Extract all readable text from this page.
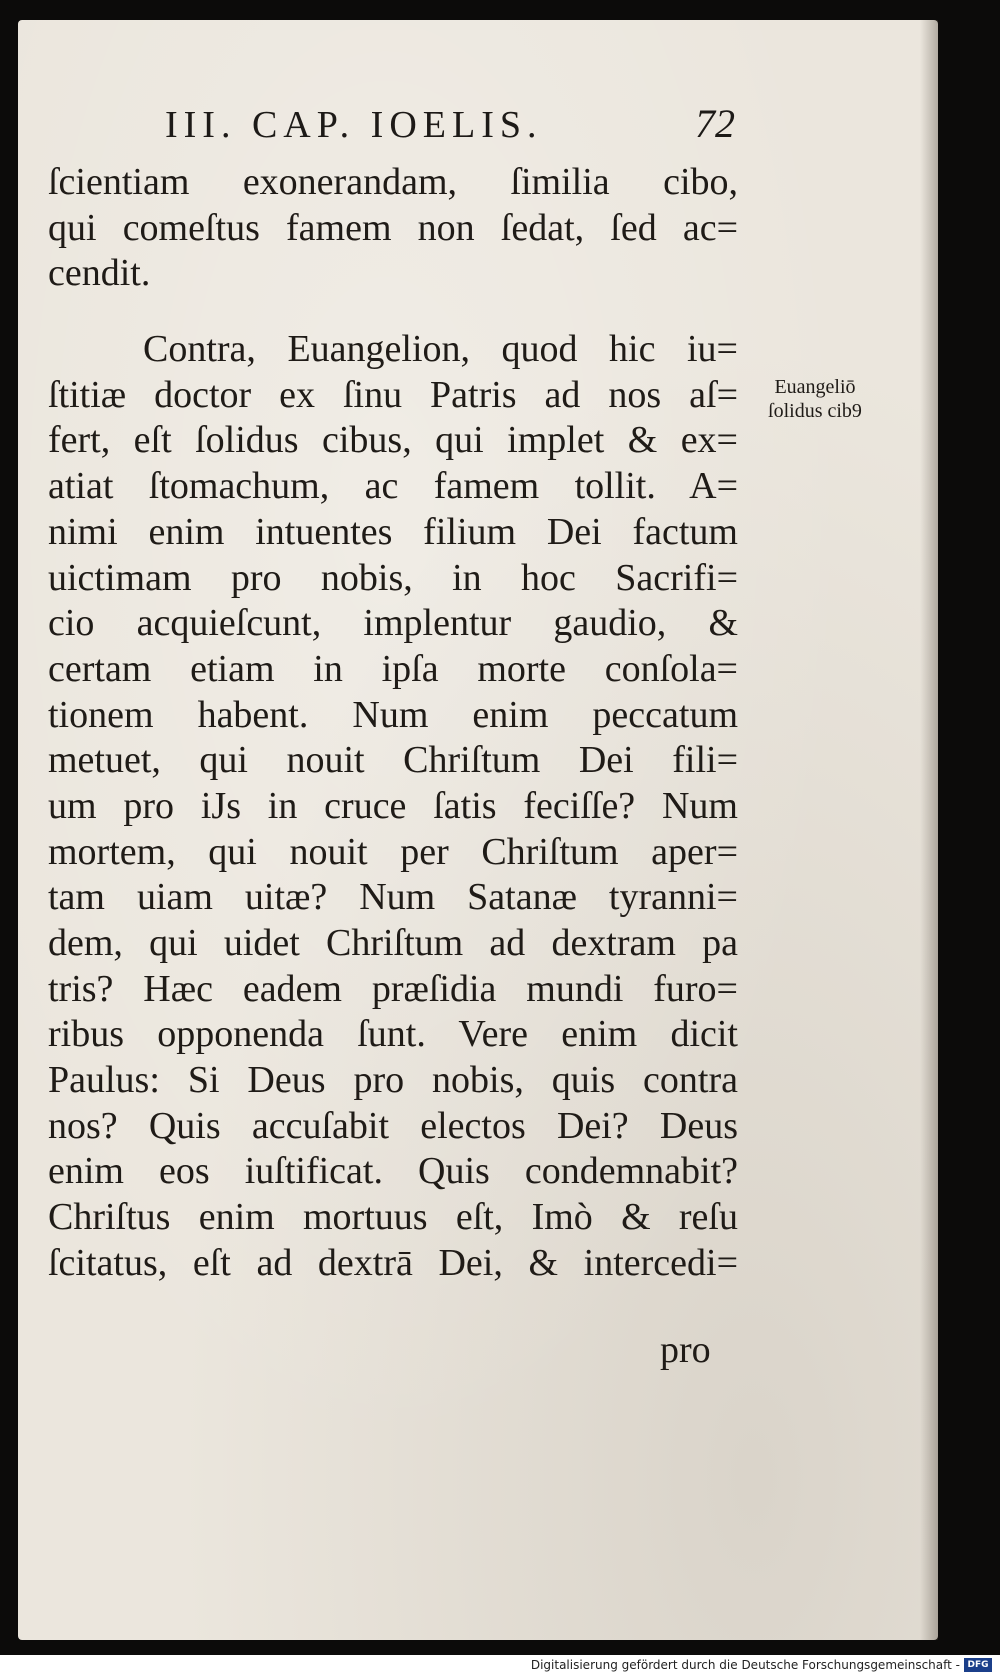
III. CAP. IOELIS.	72
Euangeliō
ſolidus cib9
ſcientiam exonerandam, ſimilia cibo,
qui comeſtus famem non ſedat, ſed ac=
cendit.
Contra, Euangelion, quod hic iu=
ſtitiæ doctor ex ſinu Patris ad nos aſ=
fert, eſt ſolidus cibus, qui implet & ex=
atiat ſtomachum, ac famem tollit. A=
nimi enim intuentes filium Dei factum
uictimam pro nobis, in hoc Sacrifi=
cio acquieſcunt, implentur gaudio, &
certam etiam in ipſa morte conſola=
tionem habent. Num enim peccatum
metuet, qui nouit Chriſtum Dei fili=
um pro iJs in cruce ſatis feciſſe? Num
mortem, qui nouit per Chriſtum aper=
tam uiam uitæ? Num Satanæ tyranni=
dem, qui uidet Chriſtum ad dextram pa
tris? Hæc eadem præſidia mundi furo=
ribus opponenda ſunt. Vere enim dicit
Paulus: Si Deus pro nobis, quis contra
nos? Quis accuſabit electos Dei? Deus
enim eos iuſtificat. Quis condemnabit?
Chriſtus enim mortuus eſt, Imò & reſu
ſcitatus, eſt ad dextrā Dei, & intercedi=
pro
Digitalisierung gefördert durch die Deutsche Forschungsgemeinschaft - DFG
